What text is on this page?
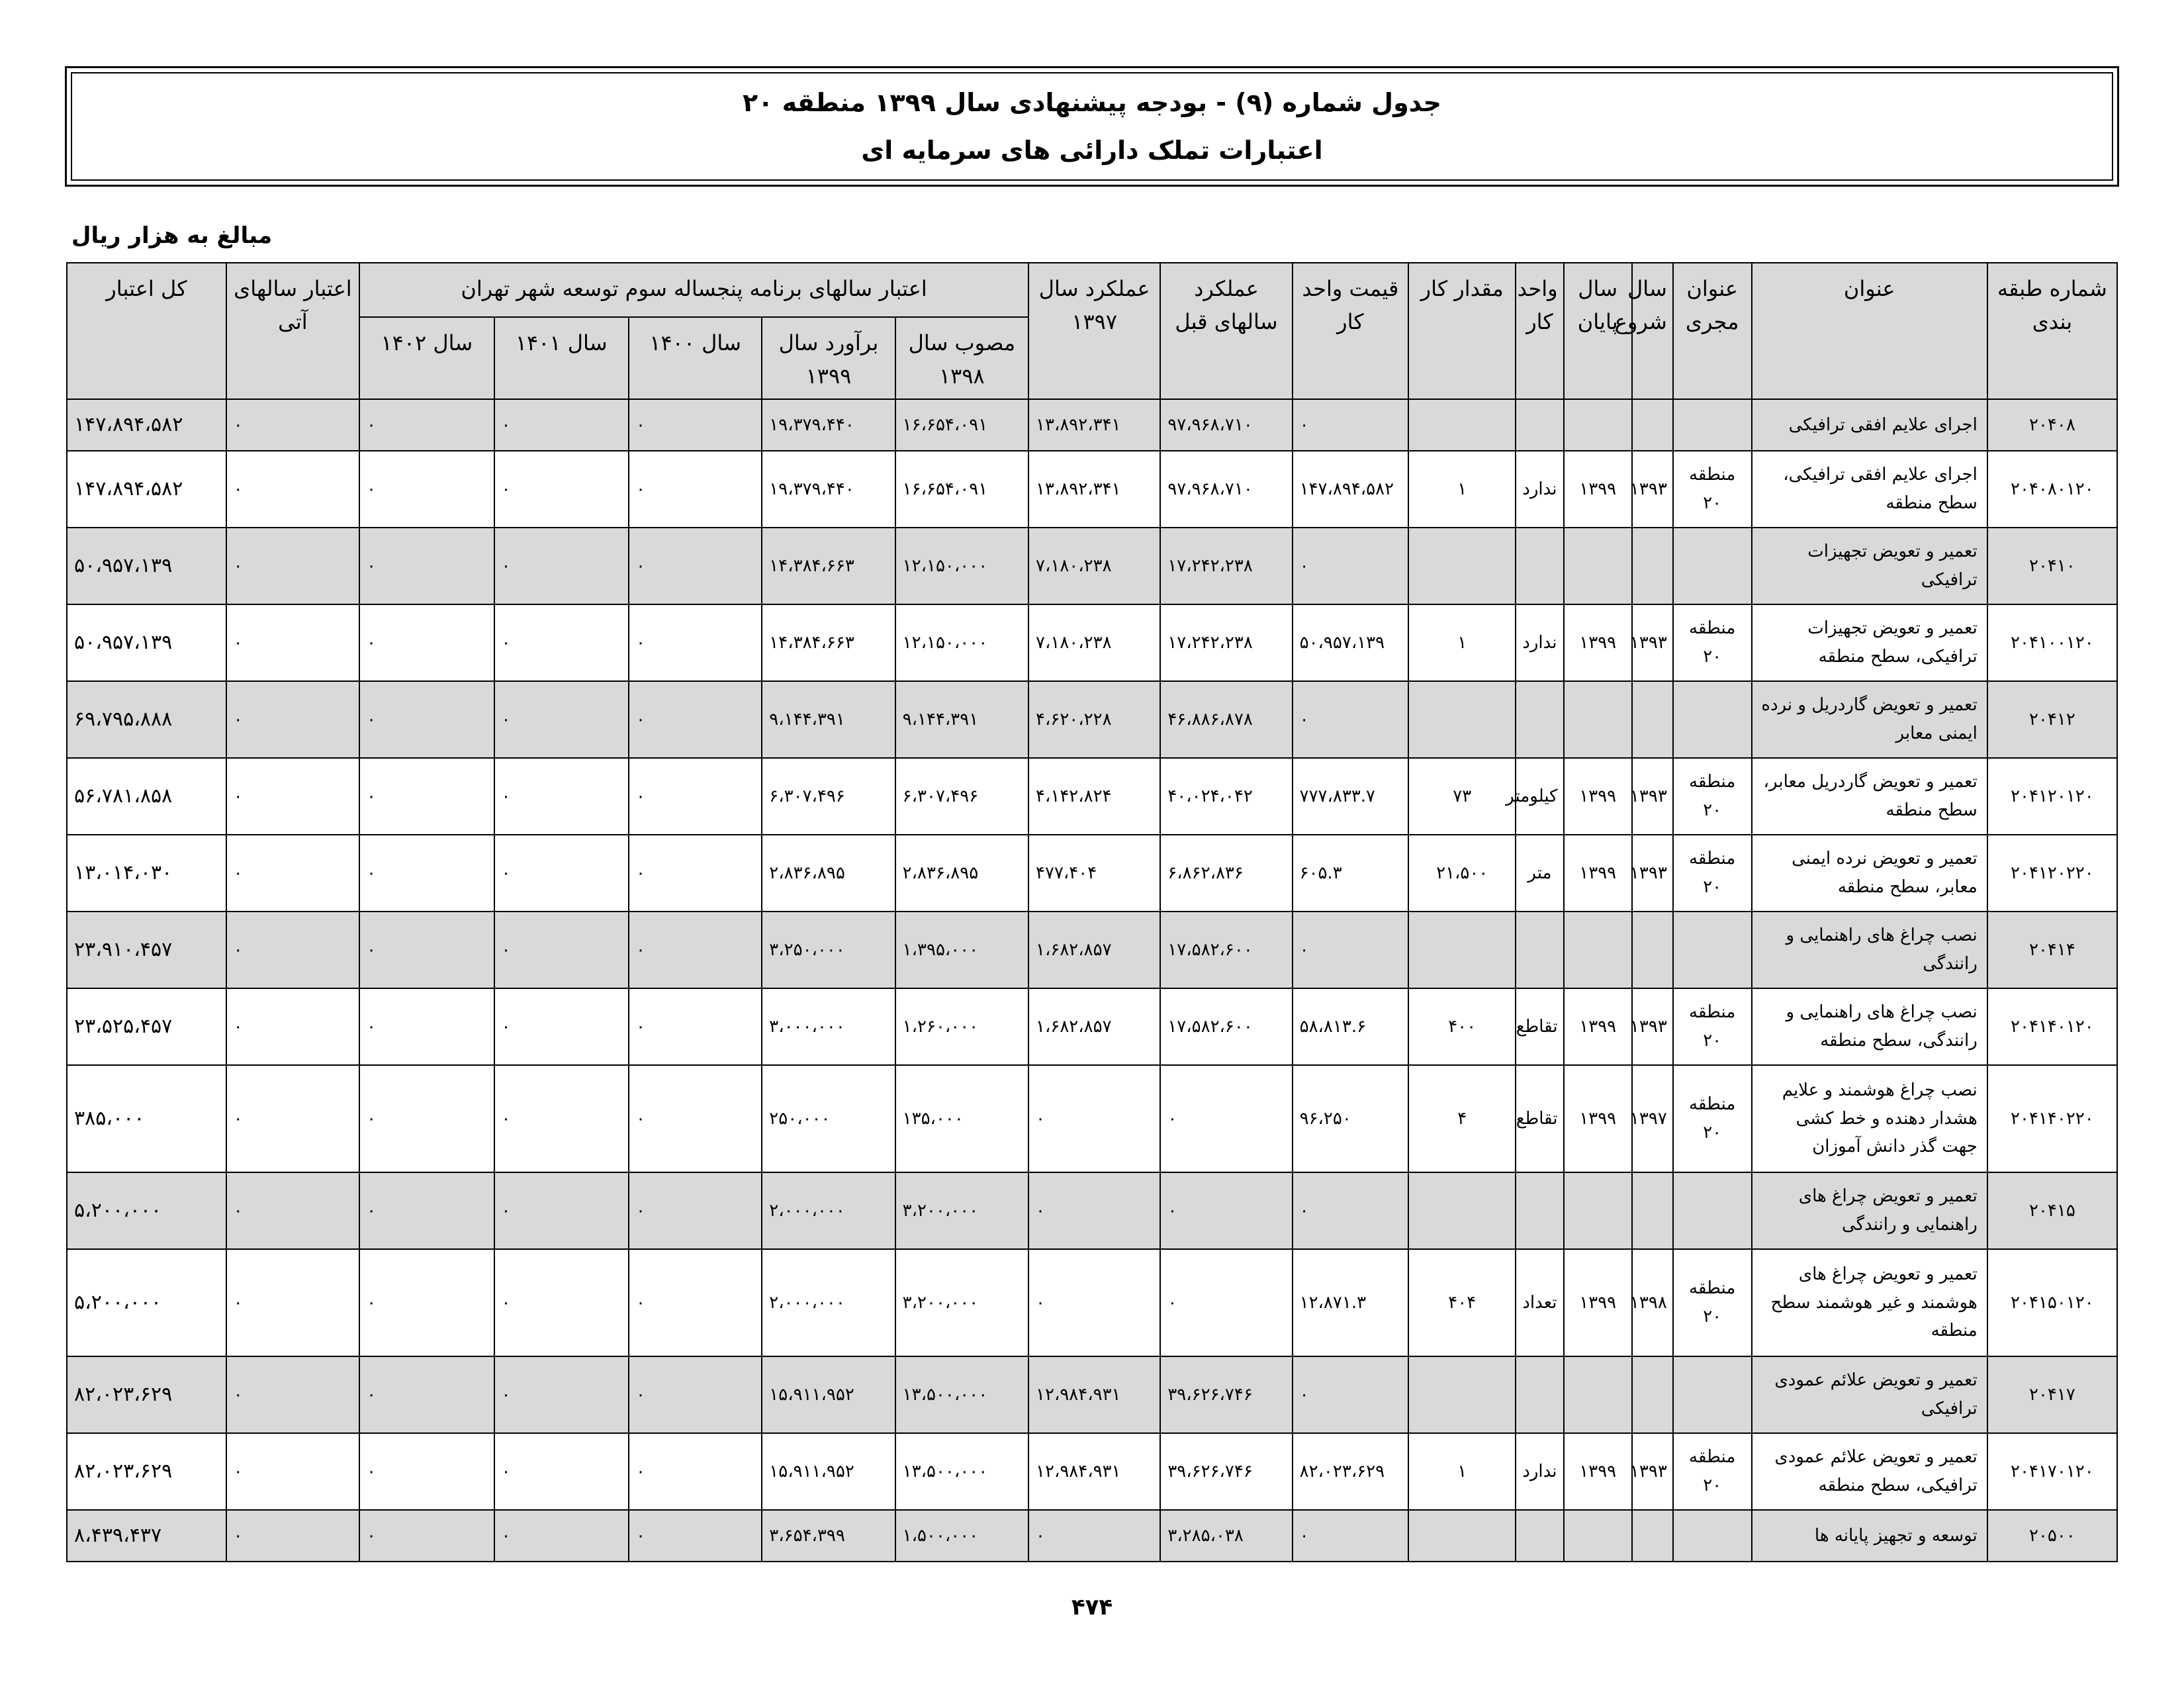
جدول شماره (۹) - بودجه پیشنهادی سال ۱۳۹۹ منطقه ۲۰
اعتبارات تملک دارائی های سرمایه ای
مبالغ به هزار ریال
شماره طبقه بندی	عنوان	عنوان مجری	سال شروع	سال پایان	واحد کار	مقدار کار	قیمت واحد کار	عملکرد سالهای قبل	عملکرد سال ۱۳۹۷	اعتبار سالهای برنامه پنجساله سوم توسعه شهر تهران					اعتبار سالهای آتی	کل اعتبار
										مصوب سال ۱۳۹۸	برآورد سال ۱۳۹۹	سال ۱۴۰۰	سال ۱۴۰۱	سال ۱۴۰۲		
۲۰۴۰۸	اجرای علایم افقی ترافیکی						۰	۹۷،۹۶۸،۷۱۰	۱۳،۸۹۲،۳۴۱	۱۶،۶۵۴،۰۹۱	۱۹،۳۷۹،۴۴۰	۰	۰	۰	۰	۱۴۷،۸۹۴،۵۸۲
۲۰۴۰۸۰۱۲۰	اجرای علایم افقی ترافیکی، سطح منطقه	منطقه ۲۰	۱۳۹۳	۱۳۹۹	ندارد	۱	۱۴۷،۸۹۴،۵۸۲	۹۷،۹۶۸،۷۱۰	۱۳،۸۹۲،۳۴۱	۱۶،۶۵۴،۰۹۱	۱۹،۳۷۹،۴۴۰	۰	۰	۰	۰	۱۴۷،۸۹۴،۵۸۲
۲۰۴۱۰	تعمیر و تعویض تجهیزات ترافیکی						۰	۱۷،۲۴۲،۲۳۸	۷،۱۸۰،۲۳۸	۱۲،۱۵۰،۰۰۰	۱۴،۳۸۴،۶۶۳	۰	۰	۰	۰	۵۰،۹۵۷،۱۳۹
۲۰۴۱۰۰۱۲۰	تعمیر و تعویض تجهیزات ترافیکی، سطح منطقه	منطقه ۲۰	۱۳۹۳	۱۳۹۹	ندارد	۱	۵۰،۹۵۷،۱۳۹	۱۷،۲۴۲،۲۳۸	۷،۱۸۰،۲۳۸	۱۲،۱۵۰،۰۰۰	۱۴،۳۸۴،۶۶۳	۰	۰	۰	۰	۵۰،۹۵۷،۱۳۹
۲۰۴۱۲	تعمیر و تعویض گاردریل و نرده ایمنی معابر						۰	۴۶،۸۸۶،۸۷۸	۴،۶۲۰،۲۲۸	۹،۱۴۴،۳۹۱	۹،۱۴۴،۳۹۱	۰	۰	۰	۰	۶۹،۷۹۵،۸۸۸
۲۰۴۱۲۰۱۲۰	تعمیر و تعویض گاردریل معابر، سطح منطقه	منطقه ۲۰	۱۳۹۳	۱۳۹۹	کیلومتر	۷۳	۷۷۷،۸۳۳.۷	۴۰،۰۲۴،۰۴۲	۴،۱۴۲،۸۲۴	۶،۳۰۷،۴۹۶	۶،۳۰۷،۴۹۶	۰	۰	۰	۰	۵۶،۷۸۱،۸۵۸
۲۰۴۱۲۰۲۲۰	تعمیر و تعویض نرده ایمنی معابر، سطح منطقه	منطقه ۲۰	۱۳۹۳	۱۳۹۹	متر	۲۱،۵۰۰	۶۰۵.۳	۶،۸۶۲،۸۳۶	۴۷۷،۴۰۴	۲،۸۳۶،۸۹۵	۲،۸۳۶،۸۹۵	۰	۰	۰	۰	۱۳،۰۱۴،۰۳۰
۲۰۴۱۴	نصب چراغ های راهنمایی و رانندگی						۰	۱۷،۵۸۲،۶۰۰	۱،۶۸۲،۸۵۷	۱،۳۹۵،۰۰۰	۳،۲۵۰،۰۰۰	۰	۰	۰	۰	۲۳،۹۱۰،۴۵۷
۲۰۴۱۴۰۱۲۰	نصب چراغ های راهنمایی و رانندگی، سطح منطقه	منطقه ۲۰	۱۳۹۳	۱۳۹۹	تقاطع	۴۰۰	۵۸،۸۱۳.۶	۱۷،۵۸۲،۶۰۰	۱،۶۸۲،۸۵۷	۱،۲۶۰،۰۰۰	۳،۰۰۰،۰۰۰	۰	۰	۰	۰	۲۳،۵۲۵،۴۵۷
۲۰۴۱۴۰۲۲۰	نصب چراغ هوشمند و علایم هشدار دهنده و خط کشی جهت گذر دانش آموزان	منطقه ۲۰	۱۳۹۷	۱۳۹۹	تقاطع	۴	۹۶،۲۵۰	۰	۰	۱۳۵،۰۰۰	۲۵۰،۰۰۰	۰	۰	۰	۰	۳۸۵،۰۰۰
۲۰۴۱۵	تعمیر و تعویض چراغ های راهنمایی و رانندگی						۰	۰	۰	۳،۲۰۰،۰۰۰	۲،۰۰۰،۰۰۰	۰	۰	۰	۰	۵،۲۰۰،۰۰۰
۲۰۴۱۵۰۱۲۰	تعمیر و تعویض چراغ های هوشمند و غیر هوشمند سطح منطقه	منطقه ۲۰	۱۳۹۸	۱۳۹۹	تعداد	۴۰۴	۱۲،۸۷۱.۳	۰	۰	۳،۲۰۰،۰۰۰	۲،۰۰۰،۰۰۰	۰	۰	۰	۰	۵،۲۰۰،۰۰۰
۲۰۴۱۷	تعمیر و تعویض علائم عمودی ترافیکی						۰	۳۹،۶۲۶،۷۴۶	۱۲،۹۸۴،۹۳۱	۱۳،۵۰۰،۰۰۰	۱۵،۹۱۱،۹۵۲	۰	۰	۰	۰	۸۲،۰۲۳،۶۲۹
۲۰۴۱۷۰۱۲۰	تعمیر و تعویض علائم عمودی ترافیکی، سطح منطقه	منطقه ۲۰	۱۳۹۳	۱۳۹۹	ندارد	۱	۸۲،۰۲۳،۶۲۹	۳۹،۶۲۶،۷۴۶	۱۲،۹۸۴،۹۳۱	۱۳،۵۰۰،۰۰۰	۱۵،۹۱۱،۹۵۲	۰	۰	۰	۰	۸۲،۰۲۳،۶۲۹
۲۰۵۰۰	توسعه و تجهیز پایانه ها						۰	۳،۲۸۵،۰۳۸	۰	۱،۵۰۰،۰۰۰	۳،۶۵۴،۳۹۹	۰	۰	۰	۰	۸،۴۳۹،۴۳۷
۴۷۴
